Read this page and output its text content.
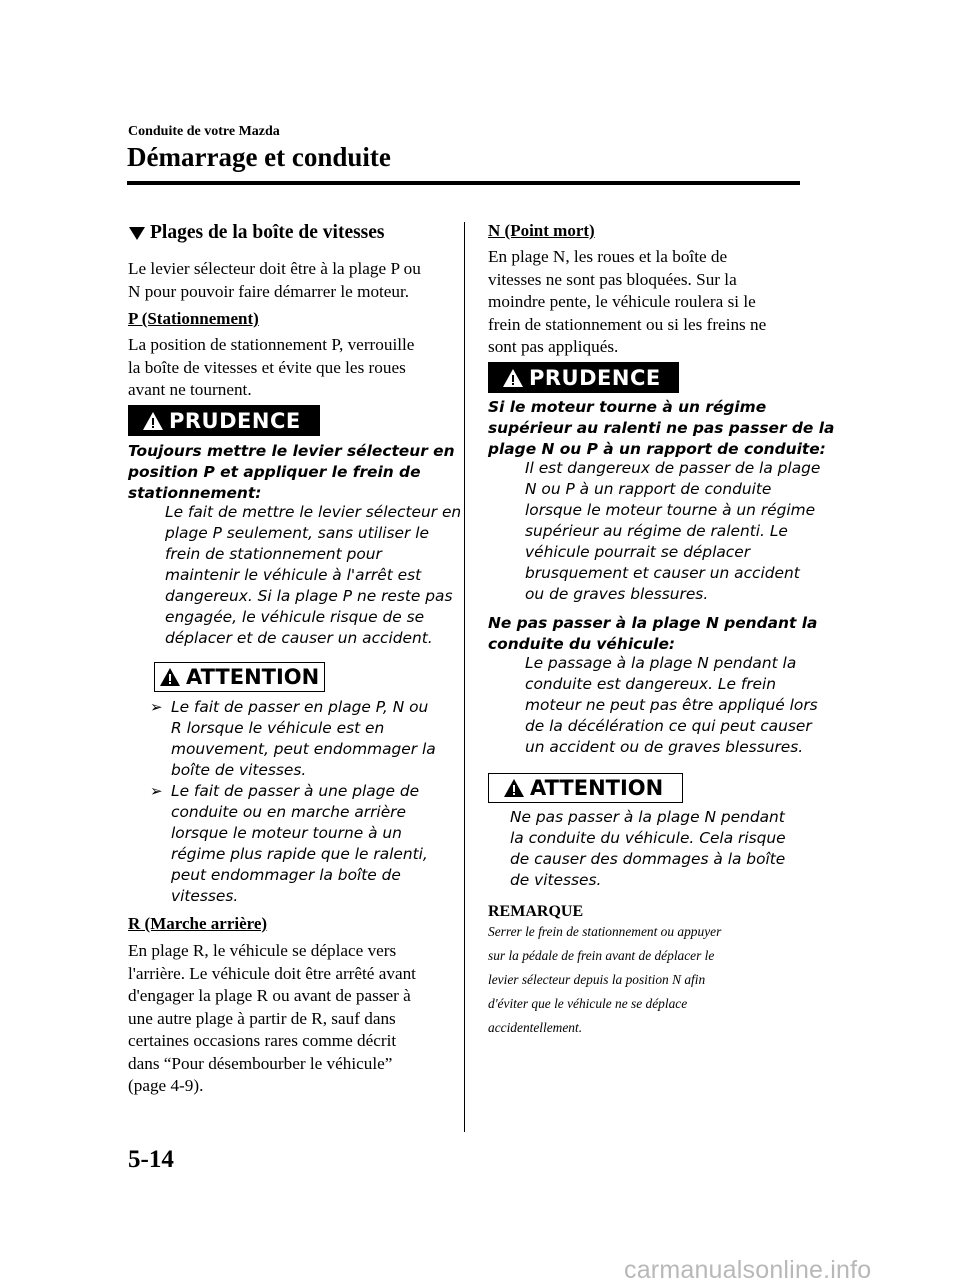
Conduite de votre Mazda
Démarrage et conduite
Plages de la boîte de vitesses
Le levier sélecteur doit être à la plage P ou
N pour pouvoir faire démarrer le moteur.
P (Stationnement)
La position de stationnement P, verrouille
la boîte de vitesses et évite que les roues
avant ne tournent.
PRUDENCE
Toujours mettre le levier sélecteur en
position P et appliquer le frein de
stationnement:
Le fait de mettre le levier sélecteur en
plage P seulement, sans utiliser le
frein de stationnement pour
maintenir le véhicule à l'arrêt est
dangereux. Si la plage P ne reste pas
engagée, le véhicule risque de se
déplacer et de causer un accident.
ATTENTION
➢ Le fait de passer en plage P, N ou
R lorsque le véhicule est en
mouvement, peut endommager la
boîte de vitesses.
➢ Le fait de passer à une plage de
conduite ou en marche arrière
lorsque le moteur tourne à un
régime plus rapide que le ralenti,
peut endommager la boîte de
vitesses.
R (Marche arrière)
En plage R, le véhicule se déplace vers
l'arrière. Le véhicule doit être arrêté avant
d'engager la plage R ou avant de passer à
une autre plage à partir de R, sauf dans
certaines occasions rares comme décrit
dans “Pour désembourber le véhicule”
(page 4-9).
N (Point mort)
En plage N, les roues et la boîte de
vitesses ne sont pas bloquées. Sur la
moindre pente, le véhicule roulera si le
frein de stationnement ou si les freins ne
sont pas appliqués.
PRUDENCE
Si le moteur tourne à un régime
supérieur au ralenti ne pas passer de la
plage N ou P à un rapport de conduite:
Il est dangereux de passer de la plage
N ou P à un rapport de conduite
lorsque le moteur tourne à un régime
supérieur au régime de ralenti. Le
véhicule pourrait se déplacer
brusquement et causer un accident
ou de graves blessures.
Ne pas passer à la plage N pendant la
conduite du véhicule:
Le passage à la plage N pendant la
conduite est dangereux. Le frein
moteur ne peut pas être appliqué lors
de la décélération ce qui peut causer
un accident ou de graves blessures.
ATTENTION
Ne pas passer à la plage N pendant
la conduite du véhicule. Cela risque
de causer des dommages à la boîte
de vitesses.
REMARQUE
Serrer le frein de stationnement ou appuyer
sur la pédale de frein avant de déplacer le
levier sélecteur depuis la position N afin
d'éviter que le véhicule ne se déplace
accidentellement.
5-14
carmanualsonline.info
